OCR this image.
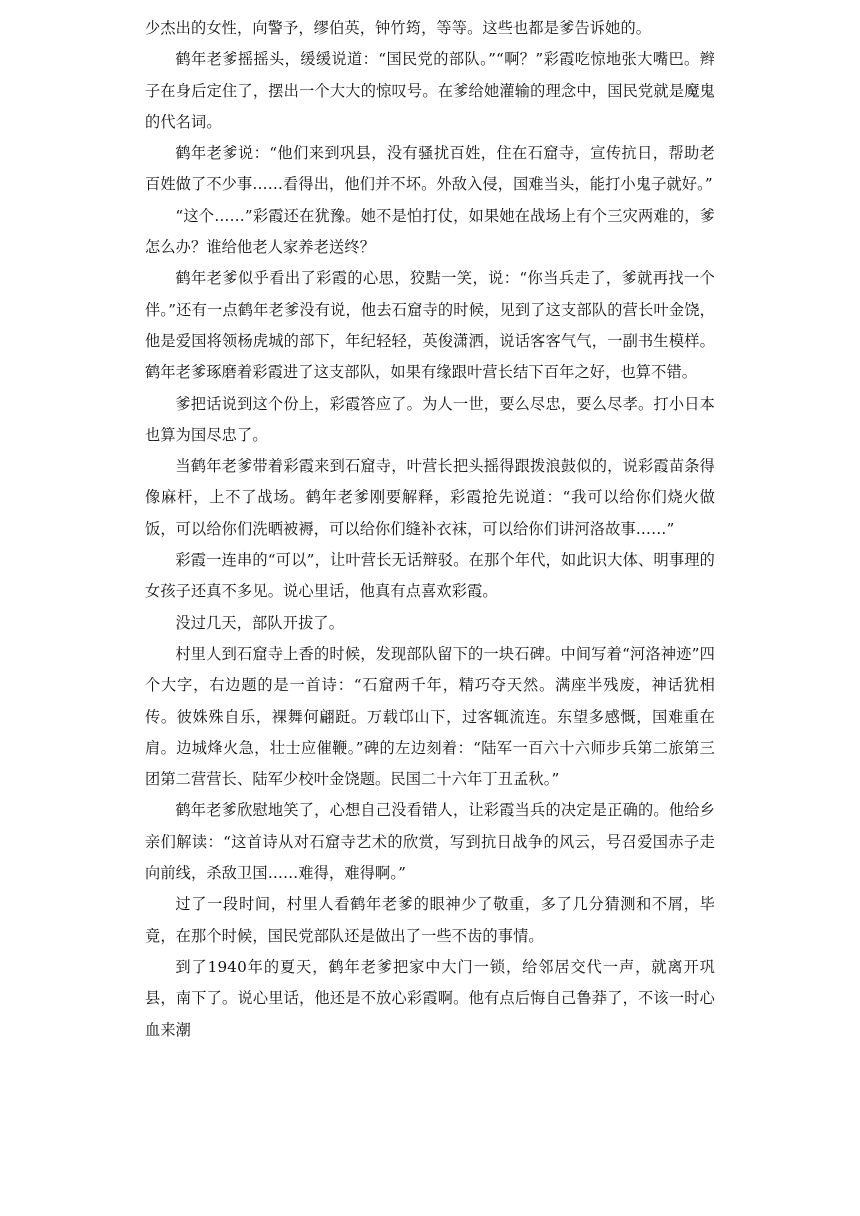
少杰出的女性，向警予，缪伯英，钟竹筠，等等。这些也都是爹告诉她的。

鹤年老爹摇摇头，缓缓说道：“国民党的部队。”“啊？”彩霞吃惊地张大嘴巴。辫子在身后定住了，摆出一个大大的惊叹号。在爹给她灌输的理念中，国民党就是魔鬼的代名词。

鹤年老爹说：“他们来到巩县，没有骚扰百姓，住在石窟寺，宣传抗日，帮助老百姓做了不少事……看得出，他们并不坏。外敌入侵，国难当头，能打小鬼子就好。”

“这个……”彩霞还在犹豫。她不是怕打仗，如果她在战场上有个三灾两难的，爹怎么办？谁给他老人家养老送终？

鹤年老爹似乎看出了彩霞的心思，狡黠一笑，说：“你当兵走了，爹就再找一个伴。”还有一点鹤年老爹没有说，他去石窟寺的时候，见到了这支部队的营长叶金饶，他是爱国将领杨虎城的部下，年纪轻轻，英俊潇洒，说话客客气气，一副书生模样。鹤年老爹琢磨着彩霞进了这支部队，如果有缘跟叶营长结下百年之好，也算不错。

爹把话说到这个份上，彩霞答应了。为人一世，要么尽忠，要么尽孝。打小日本也算为国尽忠了。

当鹤年老爹带着彩霞来到石窟寺，叶营长把头摇得跟拨浪鼓似的，说彩霞苗条得像麻杆，上不了战场。鹤年老爹刚要解释，彩霞抢先说道：“我可以给你们烧火做饭，可以给你们洗晒被褥，可以给你们缝补衣袜，可以给你们讲河洛故事……”

彩霞一连串的“可以”，让叶营长无话辩驳。在那个年代，如此识大体、明事理的女孩子还真不多见。说心里话，他真有点喜欢彩霞。

没过几天，部队开拔了。

村里人到石窟寺上香的时候，发现部队留下的一块石碑。中间写着“河洛神迹”四个大字，右边题的是一首诗：“石窟两千年，精巧夺天然。满座半残废，神话犹相传。彼姝殊自乐，裸舞何翩跹。万载邙山下，过客辄流连。东望多感慨，国难重在肩。边城烽火急，壮士应催鞭。”碑的左边刻着：“陆军一百六十六师步兵第二旅第三团第二营营长、陆军少校叶金饶题。民国二十六年丁丑孟秋。”

鹤年老爹欣慰地笑了，心想自己没看错人，让彩霞当兵的决定是正确的。他给乡亲们解读：“这首诗从对石窟寺艺术的欣赏，写到抗日战争的风云，号召爱国赤子走向前线，杀敌卫国……难得，难得啊。”

过了一段时间，村里人看鹤年老爹的眼神少了敬重，多了几分猜测和不屑，毕竟，在那个时候，国民党部队还是做出了一些不齿的事情。

到了1940年的夏天，鹤年老爹把家中大门一锁，给邻居交代一声，就离开巩县，南下了。说心里话，他还是不放心彩霞啊。他有点后悔自己鲁莽了，不该一时心血来潮
